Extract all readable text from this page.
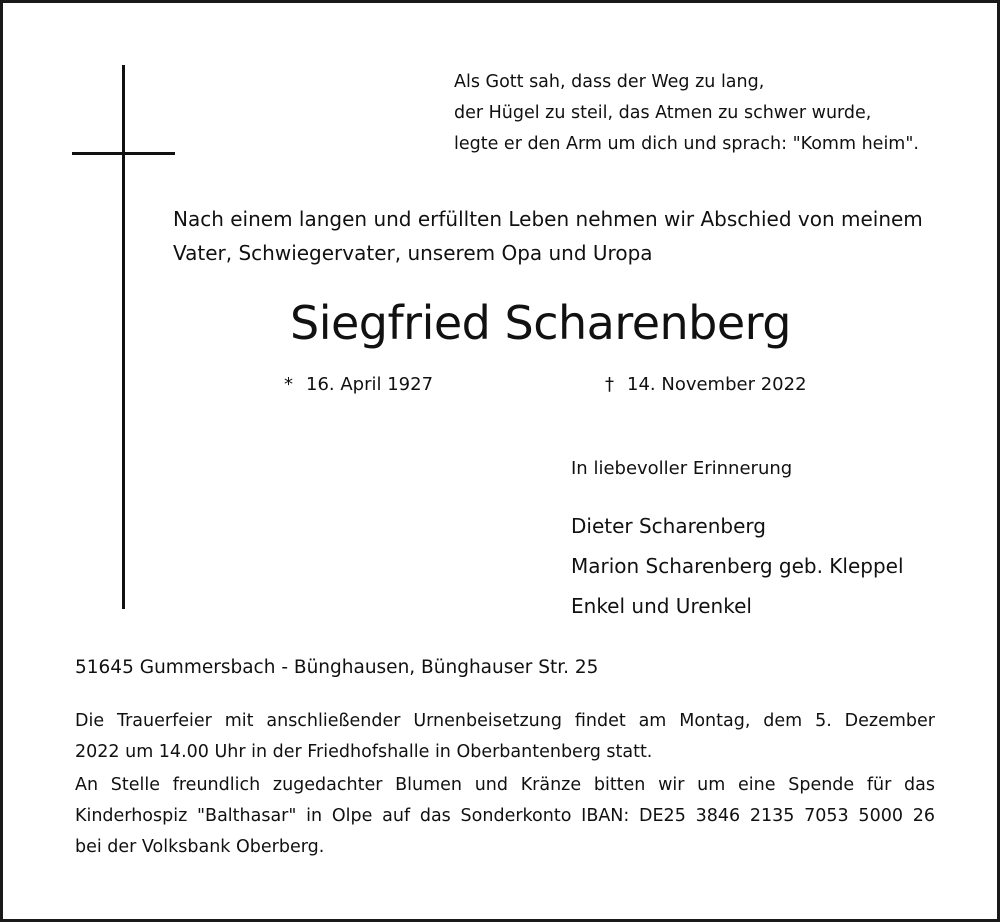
Als Gott sah, dass der Weg zu lang,
der Hügel zu steil, das Atmen zu schwer wurde,
legte er den Arm um dich und sprach: "Komm heim".
Nach einem langen und erfüllten Leben nehmen wir Abschied von meinem
Vater, Schwiegervater, unserem Opa und Uropa
Siegfried Scharenberg
* 16. April 1927	† 14. November 2022
In liebevoller Erinnerung
Dieter Scharenberg
Marion Scharenberg geb. Kleppel
Enkel und Urenkel
51645 Gummersbach - Bünghausen, Bünghauser Str. 25
Die Trauerfeier mit anschließender Urnenbeisetzung findet am Montag, dem 5. Dezember
2022 um 14.00 Uhr in der Friedhofshalle in Oberbantenberg statt.
An Stelle freundlich zugedachter Blumen und Kränze bitten wir um eine Spende für das
Kinderhospiz "Balthasar" in Olpe auf das Sonderkonto IBAN: DE25 3846 2135 7053 5000 26
bei der Volksbank Oberberg.
